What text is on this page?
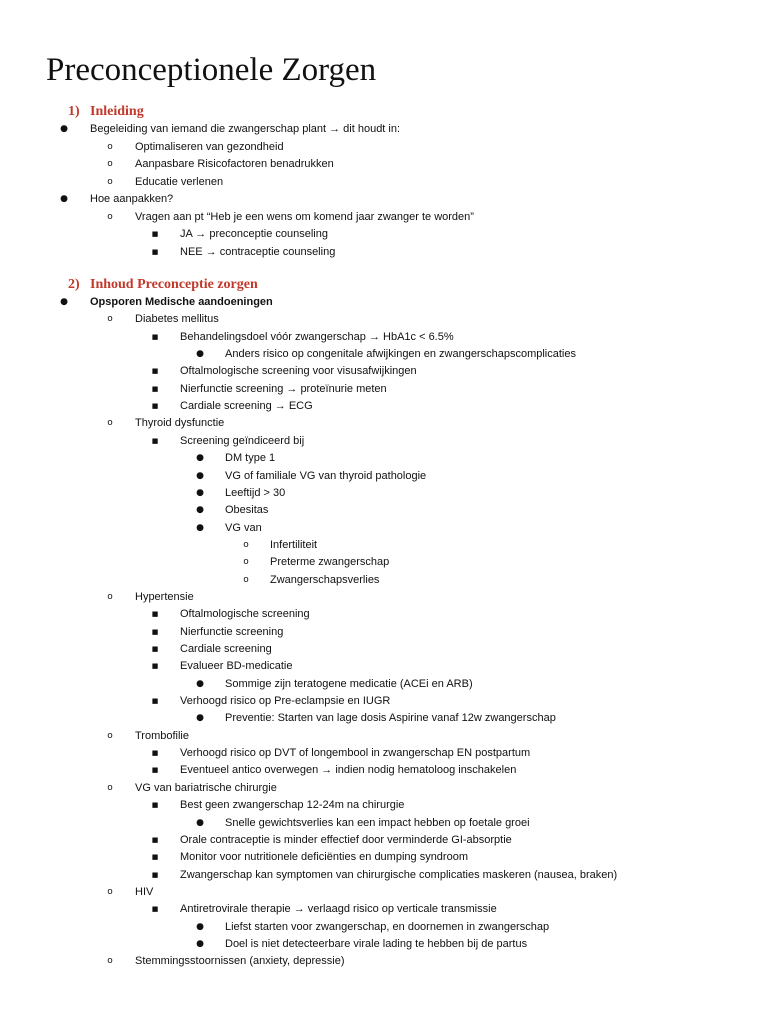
Preconceptionele Zorgen
1) Inleiding
2) Inhoud Preconceptie zorgen
● Begeleiding van iemand die zwangerschap plant → dit houdt in:
o	Optimaliseren van gezondheid
o	Aanpasbare Risicofactoren benadrukken
o	Educatie verlenen
● Hoe aanpakken?
o	Vragen aan pt “Heb je een wens om komend jaar zwanger te worden”
■	JA → preconceptie counseling
■	NEE → contraceptie counseling
● Opsporen Medische aandoeningen
o	Diabetes mellitus
■	Behandelingsdoel vóór zwangerschap → HbA1c < 6.5%
● Anders risico op congenitale afwijkingen en zwangerschapscomplicaties
■	Oftalmologische screening voor visusafwijkingen
■	Nierfunctie screening → proteïnurie meten
■	Cardiale screening → ECG
o	Thyroid dysfunctie
■	Screening geïndiceerd bij
● DM type 1
● VG of familiale VG van thyroid pathologie
● Leeftijd > 30
● Obesitas
● VG van
o	Infertiliteit
o	Preterme zwangerschap
o	Zwangerschapsverlies
o	Hypertensie
■	Oftalmologische screening
■	Nierfunctie screening
■	Cardiale screening
■	Evalueer BD-medicatie
● Sommige zijn teratogene medicatie (ACEi en ARB)
■	Verhoogd risico op Pre-eclampsie en IUGR
● Preventie: Starten van lage dosis Aspirine vanaf 12w zwangerschap
o	Trombofilie
■	Verhoogd risico op DVT of longembool in zwangerschap EN postpartum
■	Eventueel antico overwegen → indien nodig hematoloog inschakelen
o	VG van bariatrische chirurgie
■	Best geen zwangerschap 12-24m na chirurgie
● Snelle gewichtsverlies kan een impact hebben op foetale groei
■	Orale contraceptie is minder effectief door verminderde GI-absorptie
■	Monitor voor nutritionele deficiënties en dumping syndroom
■	Zwangerschap kan symptomen van chirurgische complicaties maskeren (nausea, braken)
o	HIV
■	Antiretrovirale therapie → verlaagd risico op verticale transmissie
● Liefst starten voor zwangerschap, en doornemen in zwangerschap
● Doel is niet detecteerbare virale lading te hebben bij de partus
o	Stemmingsstoornissen (anxiety, depressie)
